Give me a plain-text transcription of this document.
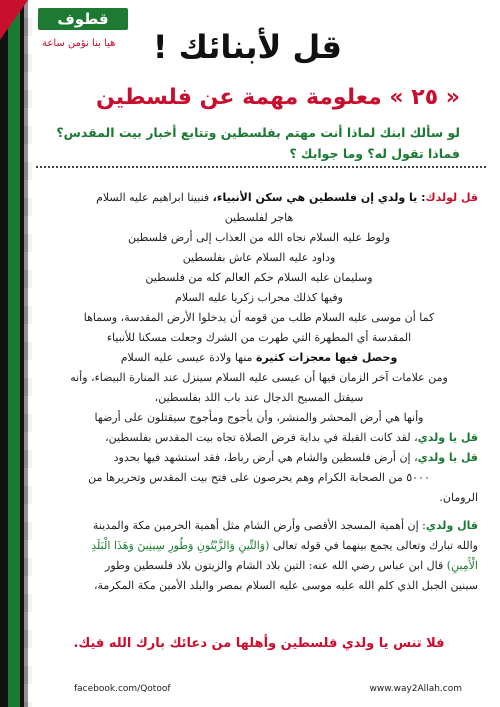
قطوف
هيا بنا نؤمن ساعة قل لأبنائك !
« ٢٥ » معلومة مهمة عن فلسطين
لو سألك ابنك لماذا أنت مهتم بفلسطين وتتابع أخبار بيت المقدس؟
فماذا تقول له؟ وما جوابك ؟

قل لولدك: يا ولدي إن فلسطين هي سكن الأنبياء، فنبينا ابراهيم عليه السلام

هاجر لفلسطين

ولوط عليه السلام نجاه الله من العذاب إلى أرض فلسطين

وداود عليه السلام عاش بفلسطين

وسليمان عليه السلام حكم العالم كله من فلسطين

وفيها كذلك محراب زكريا عليه السلام

كما أن موسى عليه السلام طلب من قومه أن يدخلوا الأرض المقدسة، وسماها

المقدسة أي المطهرة التي طهرت من الشرك وجعلت مسكنا للأنبياء

وحصل فيها معجزات كثيرة منها ولادة عيسى عليه السلام

ومن علامات آخر الزمان فيها أن عيسى عليه السلام سينزل عند المنارة البيضاء، وأنه

سيقتل المسيح الدجال عند باب اللد بفلسطين،

وأنها هي أرض المحشر والمنشر، وأن يأجوج ومأجوج سيقتلون على أرضها

قل يا ولدي، لقد كانت القبلة في بداية فرض الصلاة تجاه بيت المقدس بفلسطين،

قل يا ولدي، إن أرض فلسطين والشام هي أرض رباط، فقد استشهد فيها بحدود

٥٠٠٠ من الصحابة الكرام وهم يحرصون على فتح بيت المقدس وتحريرها من

الرومان.

قال ولدي: إن أهمية المسجد الأقصى وأرض الشام مثل أهمية الحرمين مكة والمدينة

والله تبارك وتعالى يجمع بينهما في قوله تعالى (وَالتِّينِ وَالزَّيْتُونِ وَطُورِ سِينِينَ وَهَذَا الْبَلَدِ

الْأَمِينِ) قال ابن عباس رضي الله عنه: التين بلاد الشام والزيتون بلاد فلسطين وطور

سينين الجبل الذي كلم الله عليه موسى عليه السلام بمصر والبلد الأمين مكة المكرمة،

فلا تنس يا ولدي فلسطين وأهلها من دعائك بارك الله فيك.
facebook.com/Qotoof	www.way2Allah.com
